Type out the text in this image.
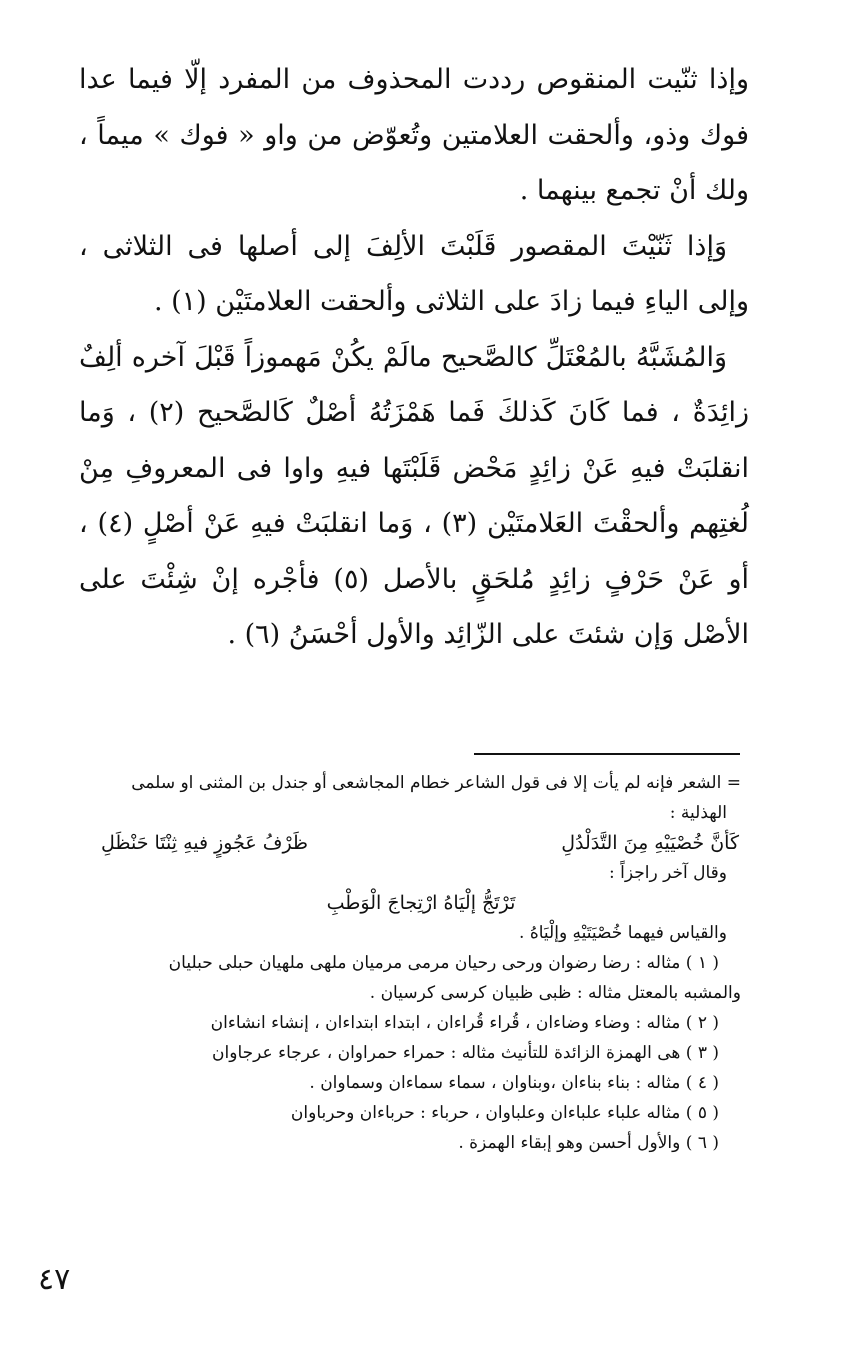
وإذا ثنّيت المنقوص رددت المحذوف من المفرد إلّا فيما عدا فوك وذو، وألحقت العلامتين وتُعوّض من واو « فوك » ميماً ، ولك أنْ تجمع بينهما .

وَإذا ثَنّيْتَ المقصور قَلَبْتَ الألِفَ إلى أصلها فى الثلاثى ، وإلى الياءِ فيما زادَ على الثلاثى وألحقت العلامتَيْن (١) .

وَالمُشَبَّهُ بالمُعْتَلِّ كالصَّحيح مالَمْ يكُنْ مَهموزاً قَبْلَ آخره ألِفٌ زائِدَةٌ ، فما كَانَ كَذلكَ فَما هَمْزَتُهُ أصْلٌ كَالصَّحيح (٢) ، وَما انقلبَتْ فيهِ عَنْ زائِدٍ مَحْض قَلَبْتَها فيهِ واوا فى المعروفِ مِنْ لُغتِهم وألحقْتَ العَلامتَيْن (٣) ، وَما انقلبَتْ فيهِ عَنْ أصْلٍ (٤) ، أو عَنْ حَرْفٍ زائِدٍ مُلحَقٍ بالأصل (٥) فأجْره إنْ شِئْتَ على الأصْل وَإن شئتَ على الزّائِد والأول أحْسَنُ (٦) .

= الشعر فإنه لم يأت إلا فى قول الشاعر خطام المجاشعى أو جندل بن المثنى او سلمى
الهذلية :
كَأنَّ خُصْيَيْهِ مِنَ التَّدَلْدُلِ
ظَرْفُ عَجُوزٍ فيهِ ثِنْتَا حَنْظَلِ
وقال آخر راجزاً :
تَرْتَجُّ إلْيَاهُ ارْتِجاجَ الْوَطْبِ
والقياس فيهما خُصْيَتَيْهِ وإلْيَاهُ .
( ١ ) مثاله : رضا رضوان ورحى رحيان مرمى مرميان ملهى ملهيان حبلى حبليان
والمشبه بالمعتل مثاله : ظبى ظبيان كرسى كرسيان .
( ٢ ) مثاله : وضاء وضاءان ، قُراء قُراءان ، ابتداء ابتداءان ، إنشاء انشاءان
( ٣ ) هى الهمزة الزائدة للتأنيث مثاله : حمراء حمراوان ، عرجاء عرجاوان
( ٤ ) مثاله : بناء بناءان ،وبناوان ، سماء سماءان وسماوان .
( ٥ ) مثاله علباء علباءان وعلباوان ، حرباء : حرباءان وحرباوان
( ٦ ) والأول أحسن وهو إبقاء الهمزة .
٤٧
